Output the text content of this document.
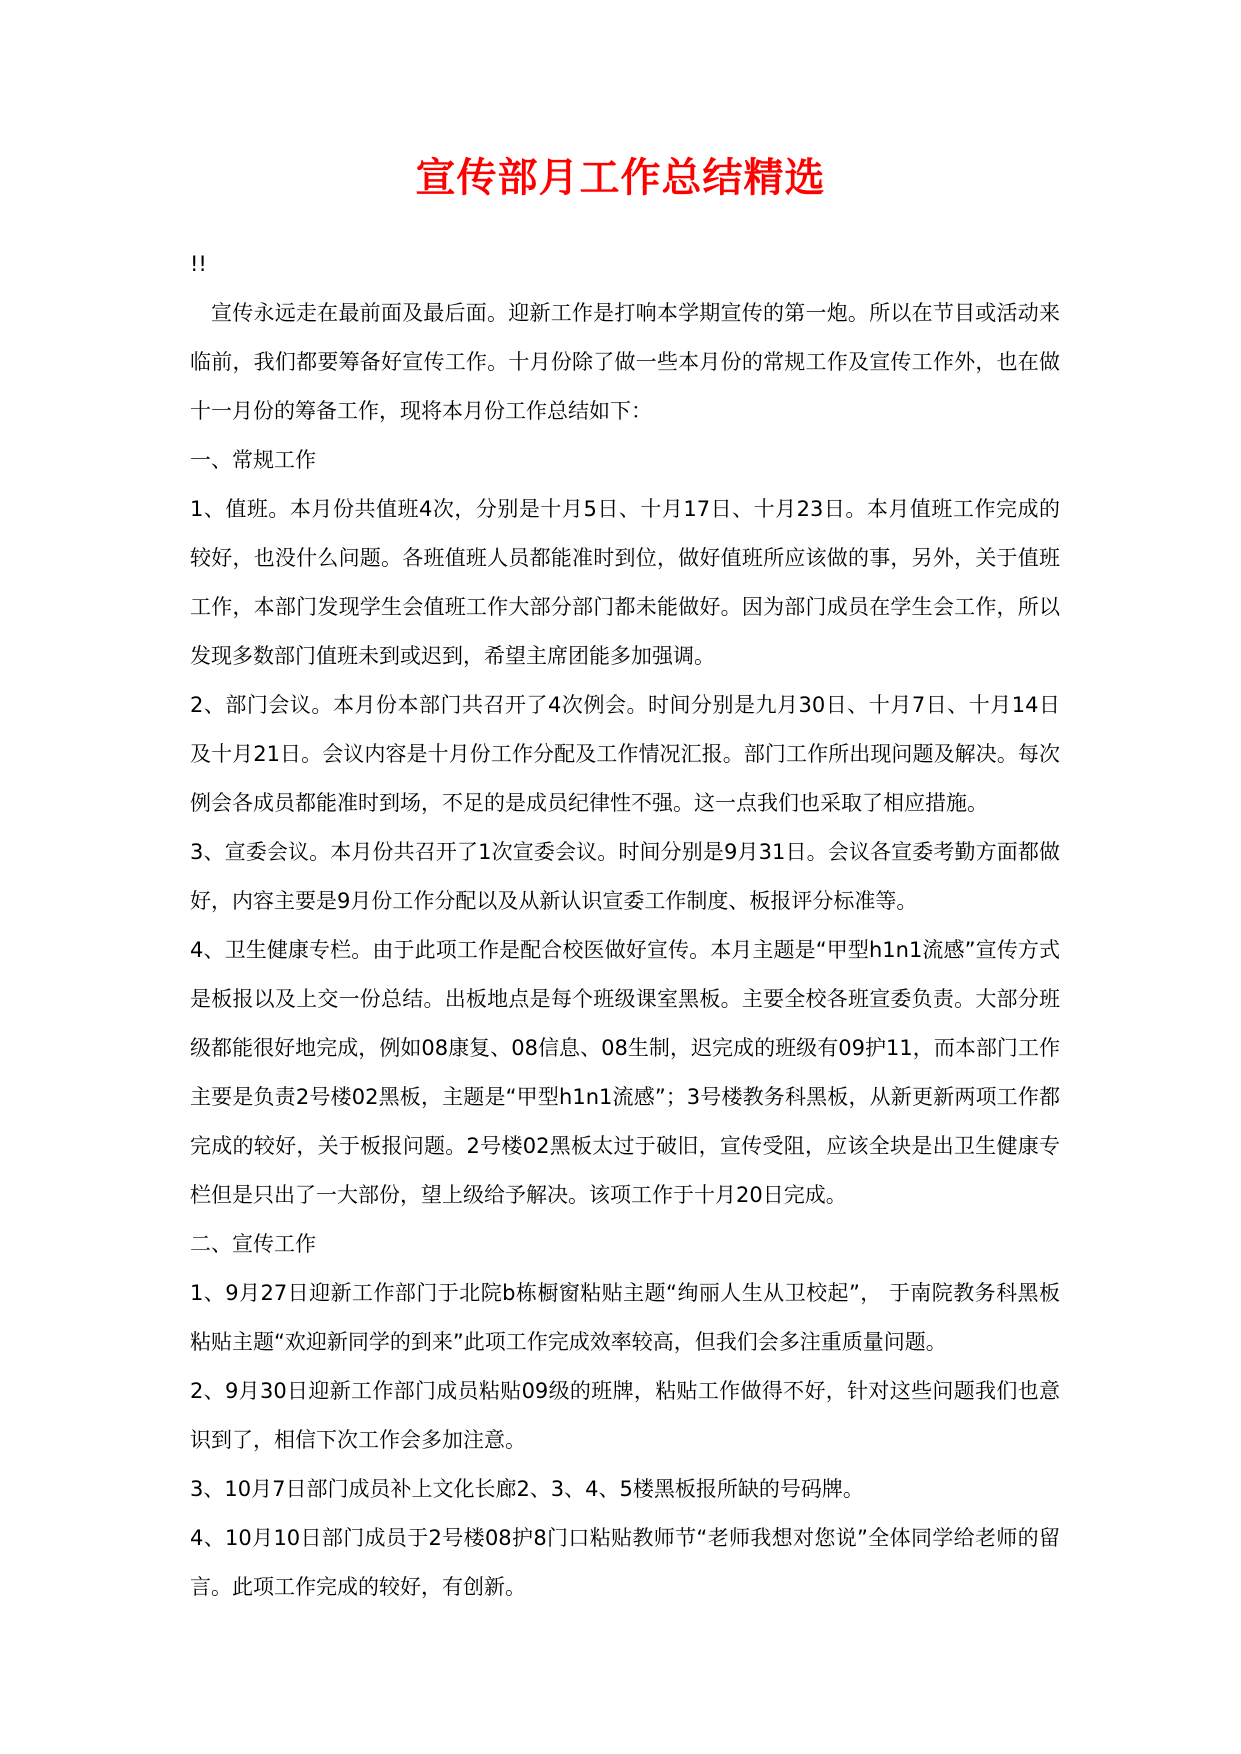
宣传部月工作总结精选

!!

宣传永远走在最前面及最后面。迎新工作是打响本学期宣传的第一炮。所以在节目或活动来临前，我们都要筹备好宣传工作。十月份除了做一些本月份的常规工作及宣传工作外，也在做十一月份的筹备工作，现将本月份工作总结如下：

一、常规工作

1、值班。本月份共值班4次，分别是十月5日、十月17日、十月23日。本月值班工作完成的较好，也没什么问题。各班值班人员都能准时到位，做好值班所应该做的事，另外，关于值班工作，本部门发现学生会值班工作大部分部门都未能做好。因为部门成员在学生会工作，所以发现多数部门值班未到或迟到，希望主席团能多加强调。

2、部门会议。本月份本部门共召开了4次例会。时间分别是九月30日、十月7日、十月14日及十月21日。会议内容是十月份工作分配及工作情况汇报。部门工作所出现问题及解决。每次例会各成员都能准时到场，不足的是成员纪律性不强。这一点我们也采取了相应措施。

3、宣委会议。本月份共召开了1次宣委会议。时间分别是9月31日。会议各宣委考勤方面都做好，内容主要是9月份工作分配以及从新认识宣委工作制度、板报评分标准等。

4、卫生健康专栏。由于此项工作是配合校医做好宣传。本月主题是“甲型h1n1流感”宣传方式是板报以及上交一份总结。出板地点是每个班级课室黑板。主要全校各班宣委负责。大部分班级都能很好地完成，例如08康复、08信息、08生制，迟完成的班级有09护11，而本部门工作主要是负责2号楼02黑板，主题是“甲型h1n1流感”；3号楼教务科黑板，从新更新两项工作都完成的较好，关于板报问题。2号楼02黑板太过于破旧，宣传受阻，应该全块是出卫生健康专栏但是只出了一大部份，望上级给予解决。该项工作于十月20日完成。

二、宣传工作

1、9月27日迎新工作部门于北院b栋橱窗粘贴主题“绚丽人生从卫校起”， 于南院教务科黑板粘贴主题“欢迎新同学的到来”此项工作完成效率较高，但我们会多注重质量问题。

2、9月30日迎新工作部门成员粘贴09级的班牌，粘贴工作做得不好，针对这些问题我们也意识到了，相信下次工作会多加注意。

3、10月7日部门成员补上文化长廊2、3、4、5楼黑板报所缺的号码牌。

4、10月10日部门成员于2号楼08护8门口粘贴教师节“老师我想对您说”全体同学给老师的留言。此项工作完成的较好，有创新。
